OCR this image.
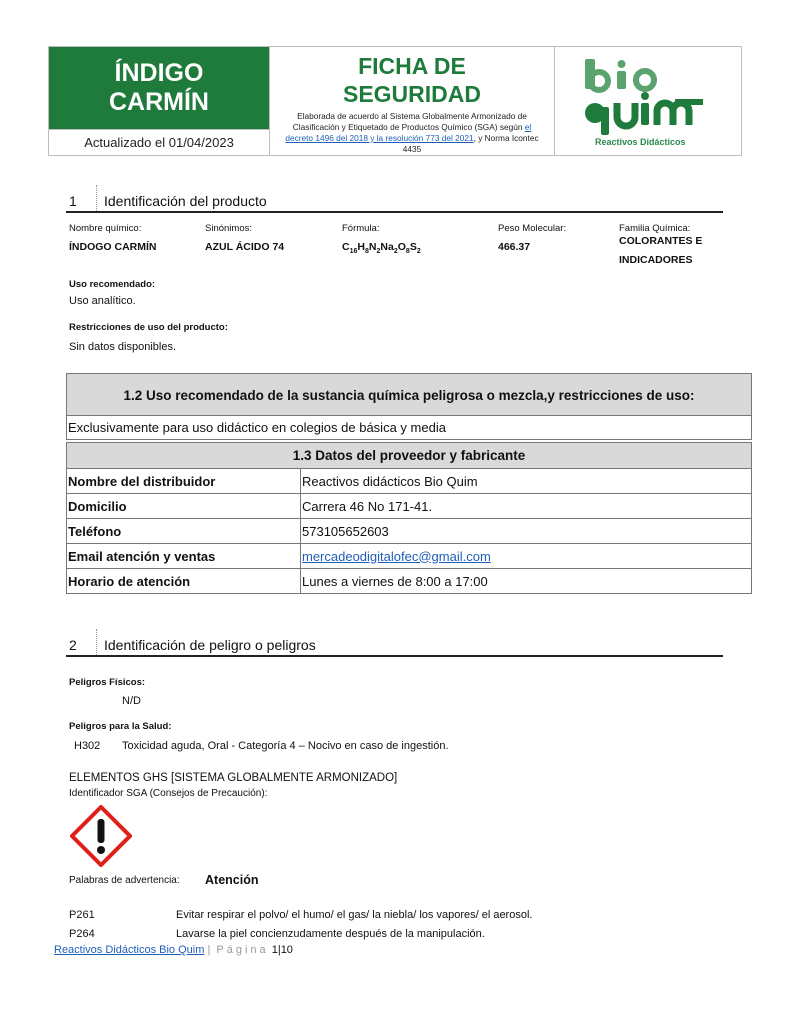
ÍNDIGO
CARMÍN
Actualizado el 01/04/2023
FICHA DE
SEGURIDAD
Elaborada de acuerdo al Sistema Globalmente Armonizado de Clasificación y Etiquetado de Productos Químico (SGA) según el decreto 1496 del 2018 y la resolución 773 del 2021, y Norma Icontec 4435
Reactivos Didácticos
1 Identificación del producto
Nombre químico:
ÍNDOGO CARMÍN
Sinónimos:
AZUL ÁCIDO 74
Fórmula:
$C_{16}H_8N_2Na_2O_8S_2$
Peso Molecular:
466.37
Familia Química:
COLORANTES E
INDICADORES
Uso recomendado:
Uso analítico.
Restricciones de uso del producto:
Sin datos disponibles.
1.2 Uso recomendado de la sustancia química peligrosa o mezcla,y restricciones de uso:
Exclusivamente para uso didáctico en colegios de básica y media
1.3 Datos del proveedor y fabricante	
Nombre del distribuidor	Reactivos didácticos Bio Quim
Domicilio	Carrera 46 No 171-41.
Teléfono	573105652603
Email atención y ventas	mercadeodigitalofec@gmail.com
Horario de atención	Lunes a viernes de 8:00 a 17:00
2 Identificación de peligro o peligros
Peligros Físicos:
N/D
Peligros para la Salud:
H302 Toxicidad aguda, Oral - Categoría 4 – Nocivo en caso de ingestión.
ELEMENTOS GHS [SISTEMA GLOBALMENTE ARMONIZADO]
Identificador SGA (Consejos de Precaución):
Palabras de advertencia: Atención
P261	Evitar respirar el polvo/ el humo/ el gas/ la niebla/ los vapores/ el aerosol.
P264	Lavarse la piel concienzudamente después de la manipulación.
Reactivos Didácticos Bio Quim | Página 1|10
